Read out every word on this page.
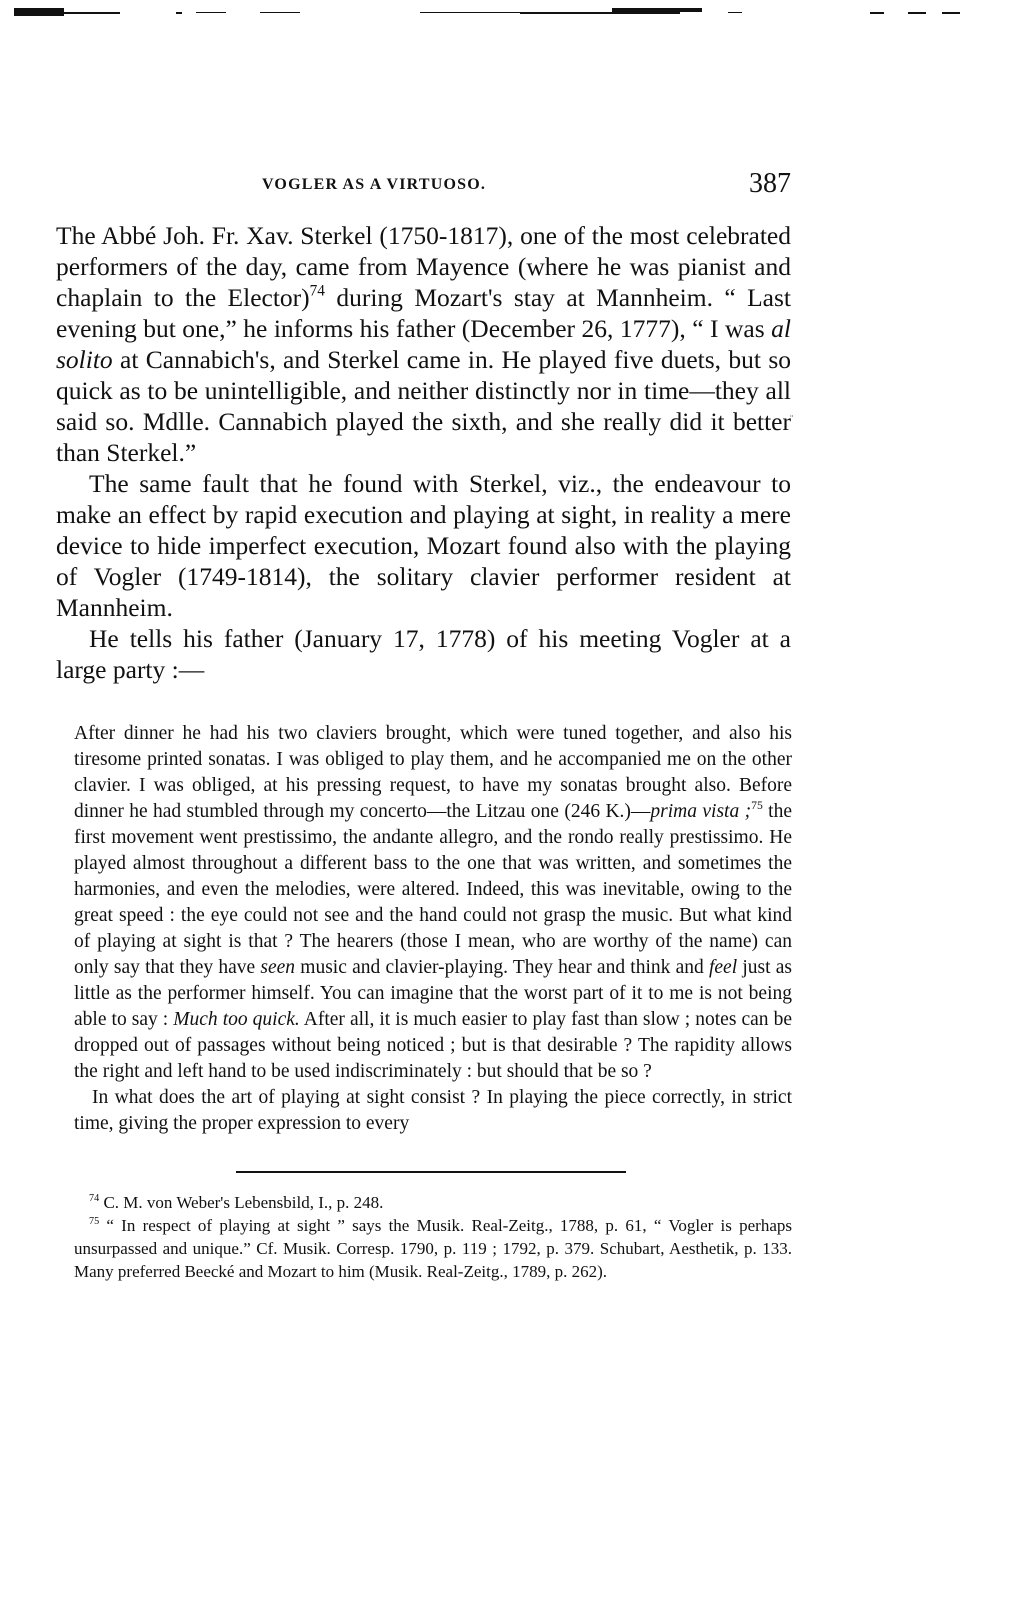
VOGLER AS A VIRTUOSO.	387

The Abbé Joh. Fr. Xav. Sterkel (1750-1817), one of the most celebrated performers of the day, came from Mayence (where he was pianist and chaplain to the Elector)$^{74}$ during Mozart's stay at Mannheim. “ Last evening but one,” he informs his father (December 26, 1777), “ I was al solito at Cannabich's, and Sterkel came in. He played five duets, but so quick as to be unintelligible, and neither distinctly nor in time—they all said so. Mdlle. Cannabich played the sixth, and she really did it better than Sterkel.”

The same fault that he found with Sterkel, viz., the endeavour to make an effect by rapid execution and playing at sight, in reality a mere device to hide imperfect execution, Mozart found also with the playing of Vogler (1749-1814), the solitary clavier performer resident at Mannheim.

He tells his father (January 17, 1778) of his meeting Vogler at a large party :—

After dinner he had his two claviers brought, which were tuned together, and also his tiresome printed sonatas. I was obliged to play them, and he accompanied me on the other clavier. I was obliged, at his pressing request, to have my sonatas brought also. Before dinner he had stumbled through my concerto—the Litzau one (246 K.)—prima vista ;$^{75}$ the first movement went prestissimo, the andante allegro, and the rondo really prestissimo. He played almost throughout a different bass to the one that was written, and sometimes the harmonies, and even the melodies, were altered. Indeed, this was inevitable, owing to the great speed : the eye could not see and the hand could not grasp the music. But what kind of playing at sight is that ? The hearers (those I mean, who are worthy of the name) can only say that they have seen music and clavier-playing. They hear and think and feel just as little as the performer himself. You can imagine that the worst part of it to me is not being able to say : Much too quick. After all, it is much easier to play fast than slow ; notes can be dropped out of passages without being noticed ; but is that desirable ? The rapidity allows the right and left hand to be used indiscriminately : but should that be so ?

In what does the art of playing at sight consist ? In playing the piece correctly, in strict time, giving the proper expression to every

$^{74}$ C. M. von Weber's Lebensbild, I., p. 248.

$^{75}$ “ In respect of playing at sight ” says the Musik. Real-Zeitg., 1788, p. 61, “ Vogler is perhaps unsurpassed and unique.” Cf. Musik. Corresp. 1790, p. 119 ; 1792, p. 379. Schubart, Aesthetik, p. 133. Many preferred Beecké and Mozart to him (Musik. Real-Zeitg., 1789, p. 262).

¨
